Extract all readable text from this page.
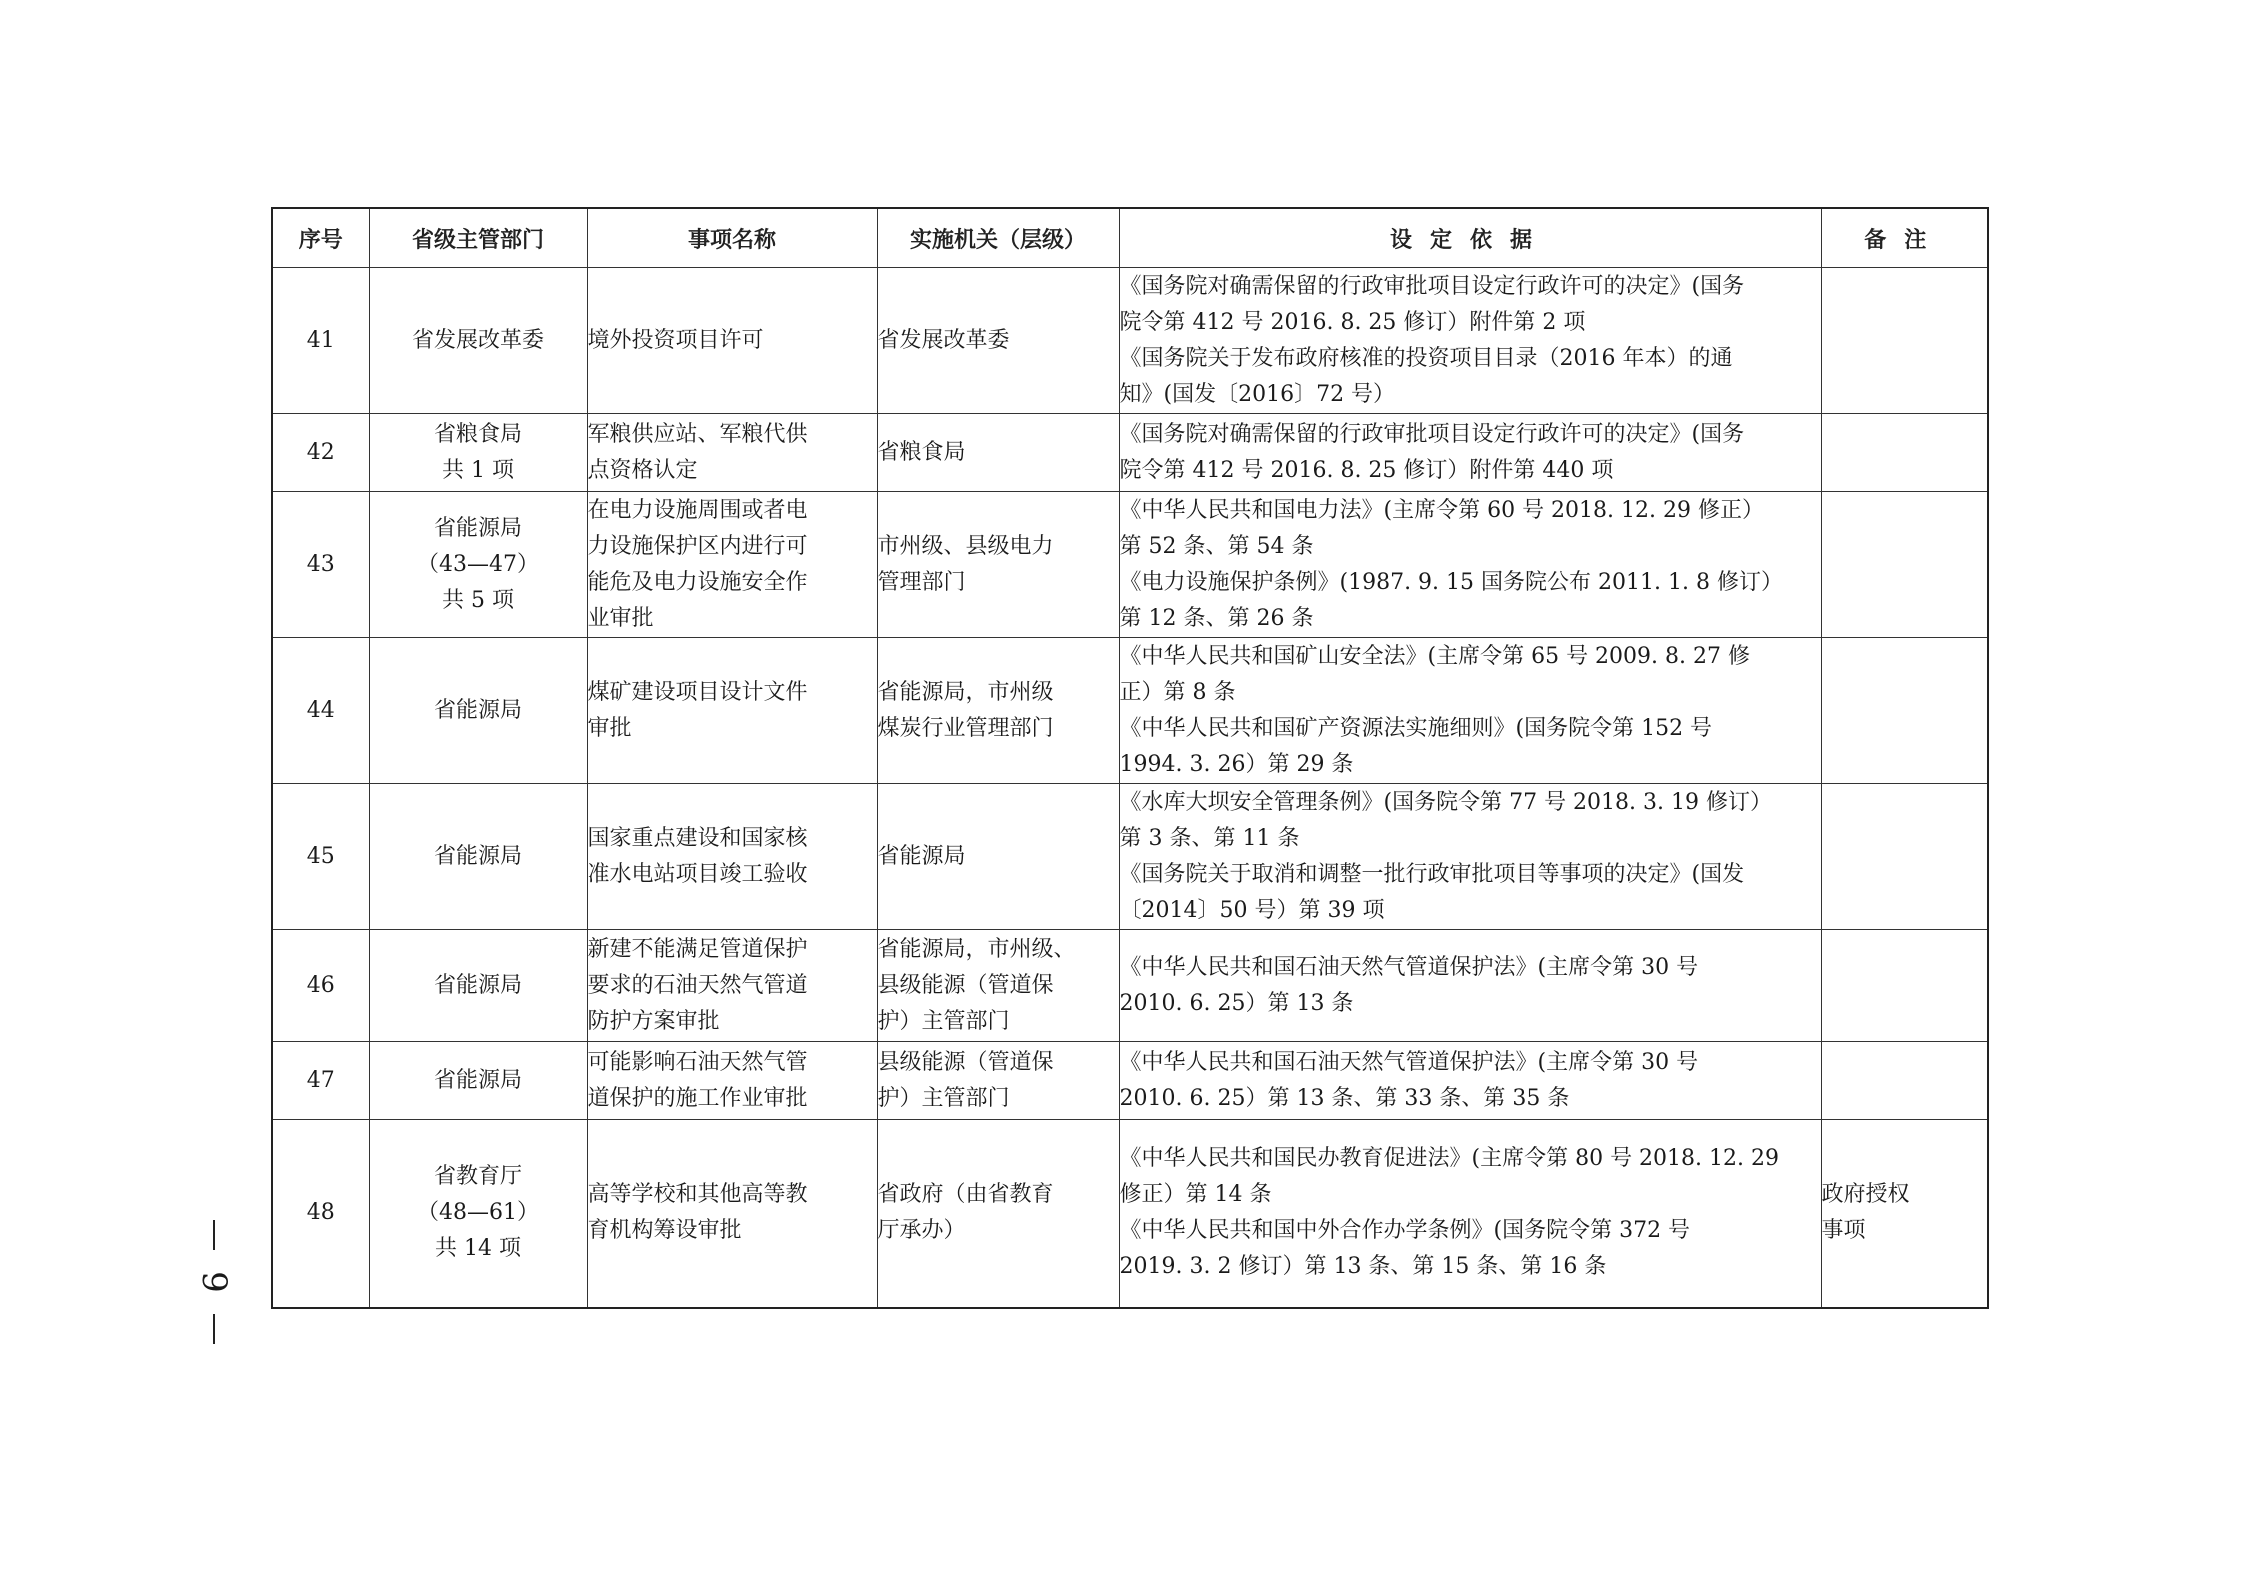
序号	省级主管部门	事项名称	实施机关（层级）	设定依据	备注
41	省发展改革委	境外投资项目许可	省发展改革委	《国务院对确需保留的行政审批项目设定行政许可的决定》(国务
院令第 412 号 2016. 8. 25 修订）附件第 2 项
《国务院关于发布政府核准的投资项目目录（2016 年本）的通
知》(国发〔2016〕72 号）	

42	省粮食局
共 1 项	军粮供应站、军粮代供
点资格认定	省粮食局	《国务院对确需保留的行政审批项目设定行政许可的决定》(国务
院令第 412 号 2016. 8. 25 修订）附件第 440 项	

43	省能源局
（43—47）
共 5 项	在电力设施周围或者电
力设施保护区内进行可
能危及电力设施安全作
业审批	市州级、县级电力
管理部门	《中华人民共和国电力法》(主席令第 60 号 2018. 12. 29 修正）
第 52 条、第 54 条
《电力设施保护条例》(1987. 9. 15 国务院公布 2011. 1. 8 修订）
第 12 条、第 26 条	

44	省能源局	煤矿建设项目设计文件
审批	省能源局，市州级
煤炭行业管理部门	《中华人民共和国矿山安全法》(主席令第 65 号 2009. 8. 27 修
正）第 8 条
《中华人民共和国矿产资源法实施细则》(国务院令第 152 号
1994. 3. 26）第 29 条	

45	省能源局	国家重点建设和国家核
准水电站项目竣工验收	省能源局	《水库大坝安全管理条例》(国务院令第 77 号 2018. 3. 19 修订）
第 3 条、第 11 条
《国务院关于取消和调整一批行政审批项目等事项的决定》(国发
〔2014〕50 号）第 39 项	

46	省能源局	新建不能满足管道保护
要求的石油天然气管道
防护方案审批	省能源局，市州级、
县级能源（管道保
护）主管部门	《中华人民共和国石油天然气管道保护法》(主席令第 30 号
2010. 6. 25）第 13 条	

47	省能源局	可能影响石油天然气管
道保护的施工作业审批	县级能源（管道保
护）主管部门	《中华人民共和国石油天然气管道保护法》(主席令第 30 号
2010. 6. 25）第 13 条、第 33 条、第 35 条	

48	省教育厅
（48—61）
共 14 项	高等学校和其他高等教
育机构筹设审批	省政府（由省教育
厅承办）	《中华人民共和国民办教育促进法》(主席令第 80 号 2018. 12. 29
修正）第 14 条
《中华人民共和国中外合作办学条例》(国务院令第 372 号
2019. 3. 2 修订）第 13 条、第 15 条、第 16 条	政府授权
事项
9
